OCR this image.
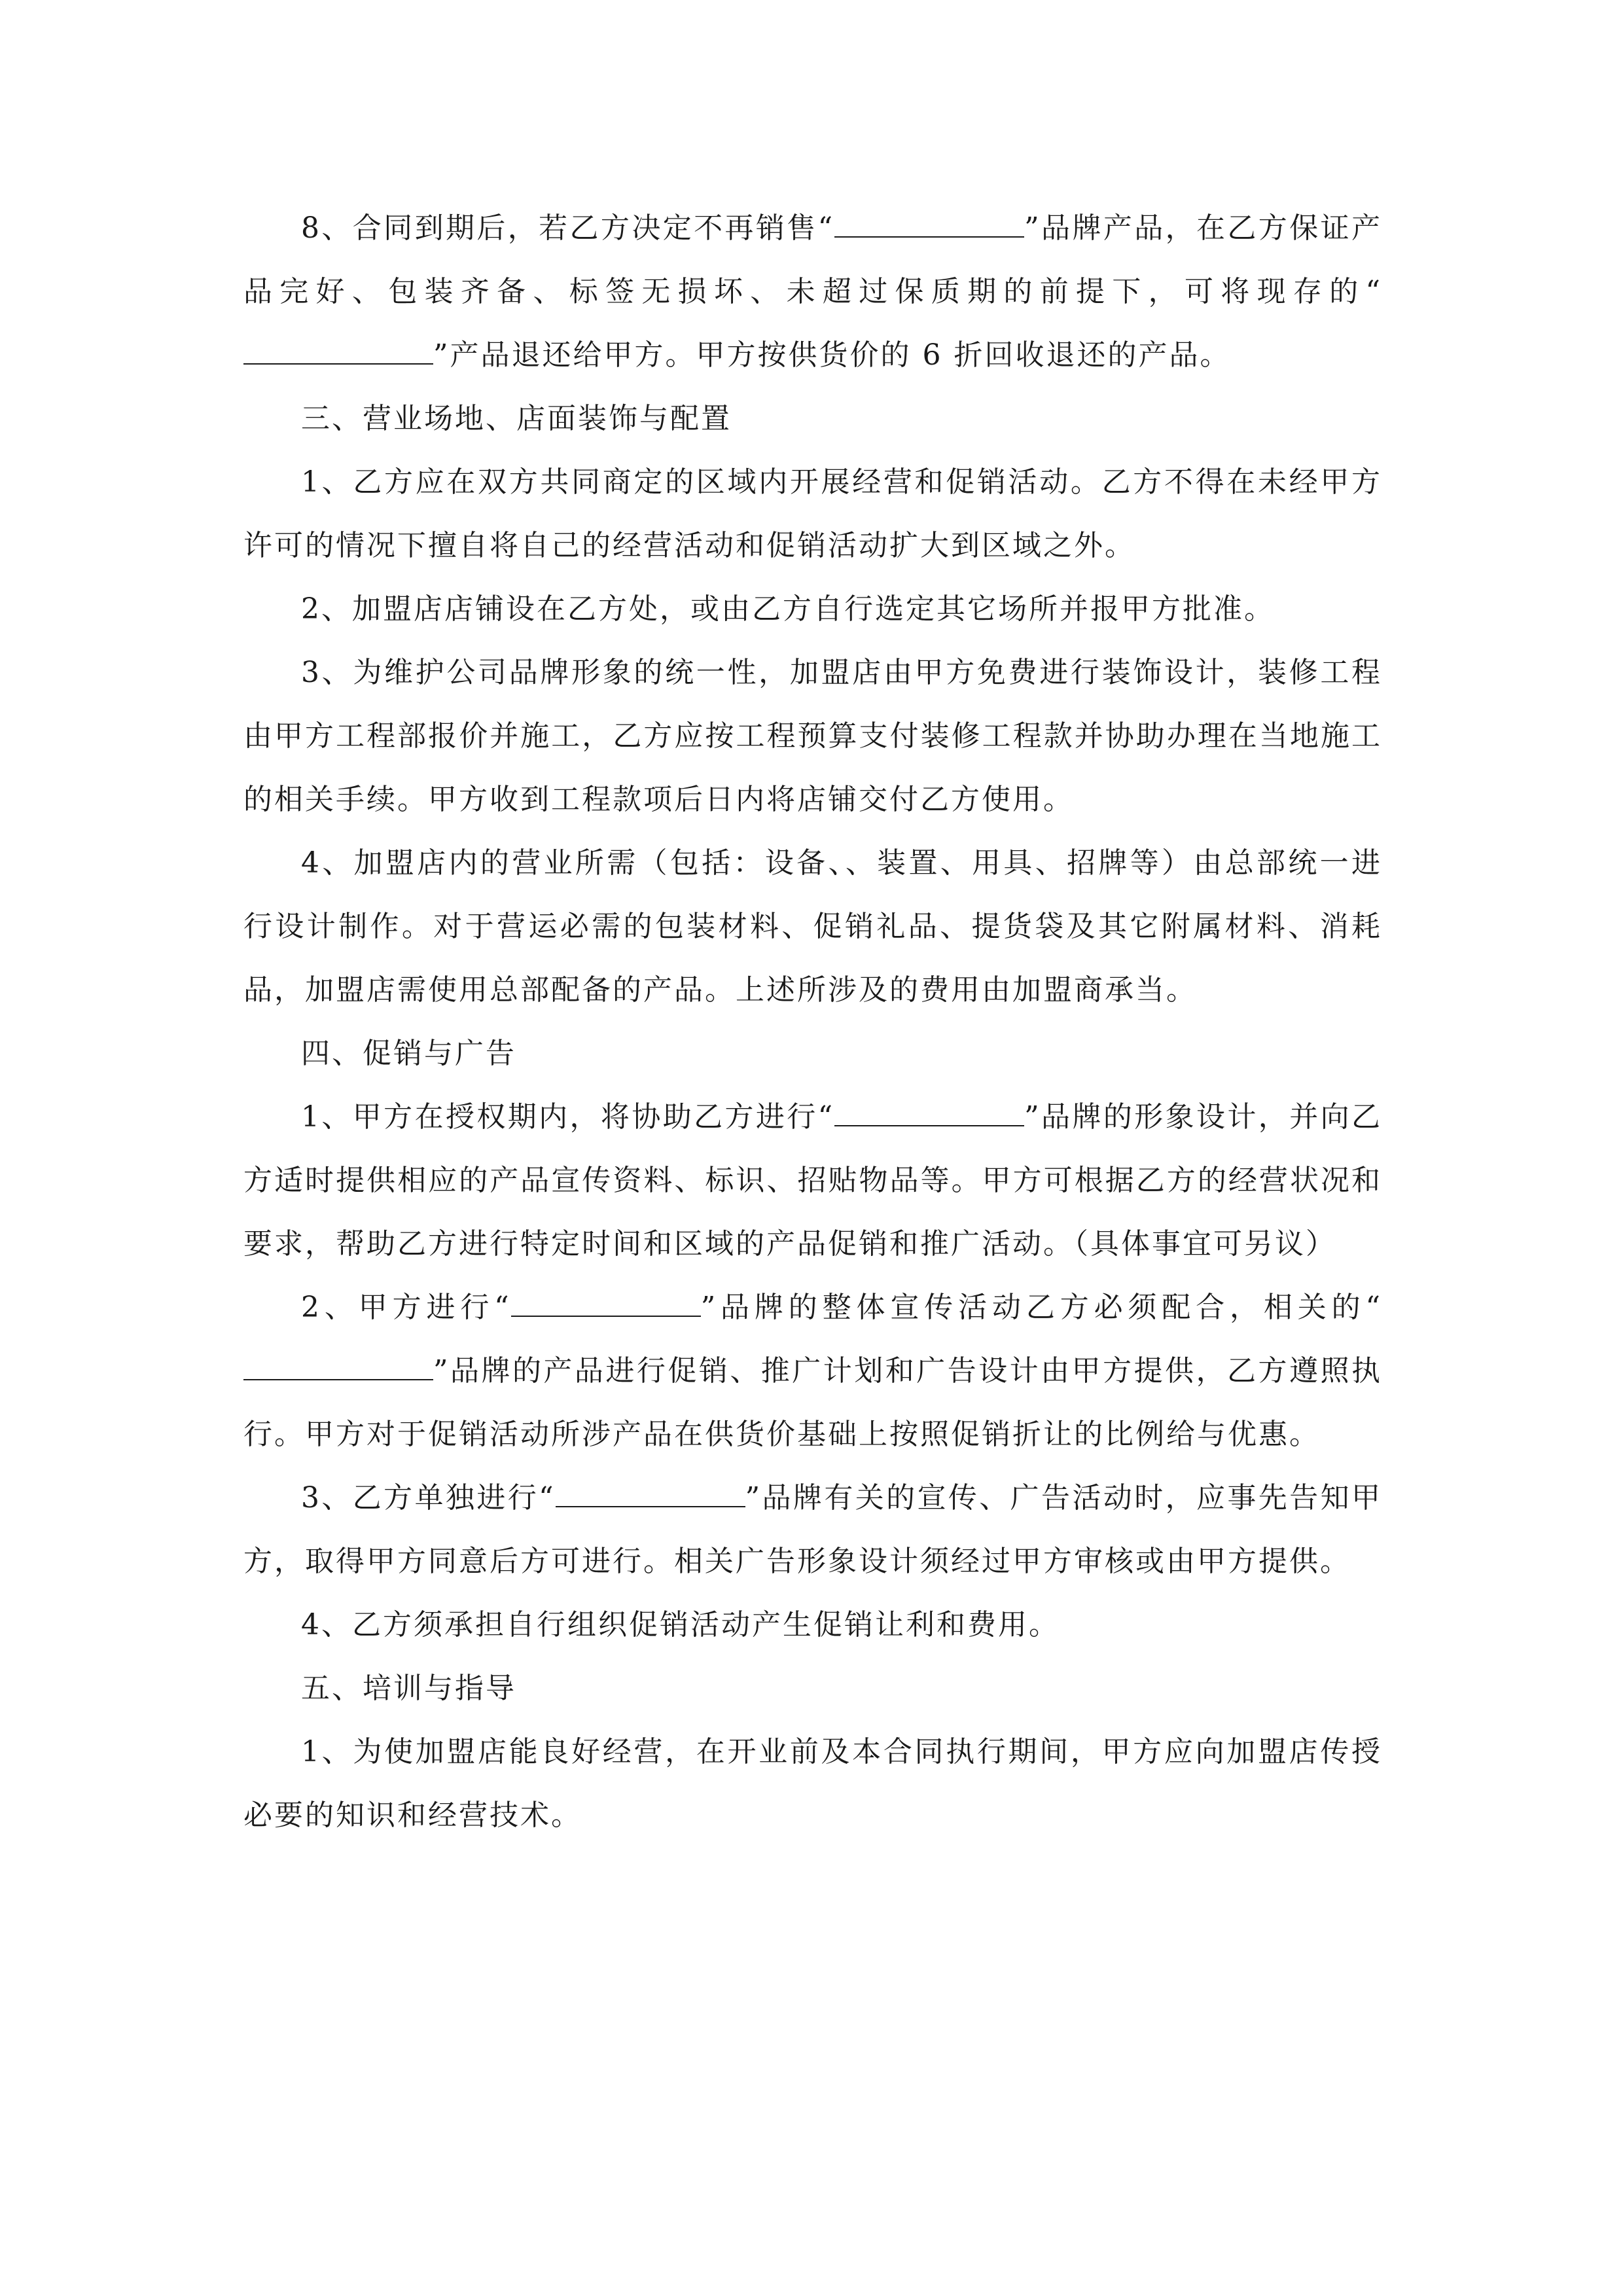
8、合同到期后，若乙方决定不再销售“	”品牌产品，在乙方保证产品完好、包装齐备、标签无损坏、未超过保质期的前提下，可将现存的“”产品退还给甲方。甲方按供货价的 6 折回收退还的产品。

三、营业场地、店面装饰与配置

1、乙方应在双方共同商定的区域内开展经营和促销活动。乙方不得在未经甲方许可的情况下擅自将自己的经营活动和促销活动扩大到区域之外。

2、加盟店店铺设在乙方处，或由乙方自行选定其它场所并报甲方批准。

3、为维护公司品牌形象的统一性，加盟店由甲方免费进行装饰设计，装修工程由甲方工程部报价并施工，乙方应按工程预算支付装修工程款并协助办理在当地施工的相关手续。甲方收到工程款项后日内将店铺交付乙方使用。

4、加盟店内的营业所需（包括：设备、、装置、用具、招牌等）由总部统一进行设计制作。对于营运必需的包装材料、促销礼品、提货袋及其它附属材料、消耗品，加盟店需使用总部配备的产品。上述所涉及的费用由加盟商承当。

四、促销与广告

1、甲方在授权期内，将协助乙方进行“	”品牌的形象设计，并向乙方适时提供相应的产品宣传资料、标识、招贴物品等。甲方可根据乙方的经营状况和要求，帮助乙方进行特定时间和区域的产品促销和推广活动。（具体事宜可另议）

2、甲方进行“	”品牌的整体宣传活动乙方必须配合，相关的“”品牌的产品进行促销、推广计划和广告设计由甲方提供，乙方遵照执行。甲方对于促销活动所涉产品在供货价基础上按照促销折让的比例给与优惠。

3、乙方单独进行“	”品牌有关的宣传、广告活动时，应事先告知甲方，取得甲方同意后方可进行。相关广告形象设计须经过甲方审核或由甲方提供。

4、乙方须承担自行组织促销活动产生促销让利和费用。

五、培训与指导

1、为使加盟店能良好经营，在开业前及本合同执行期间，甲方应向加盟店传授必要的知识和经营技术。
